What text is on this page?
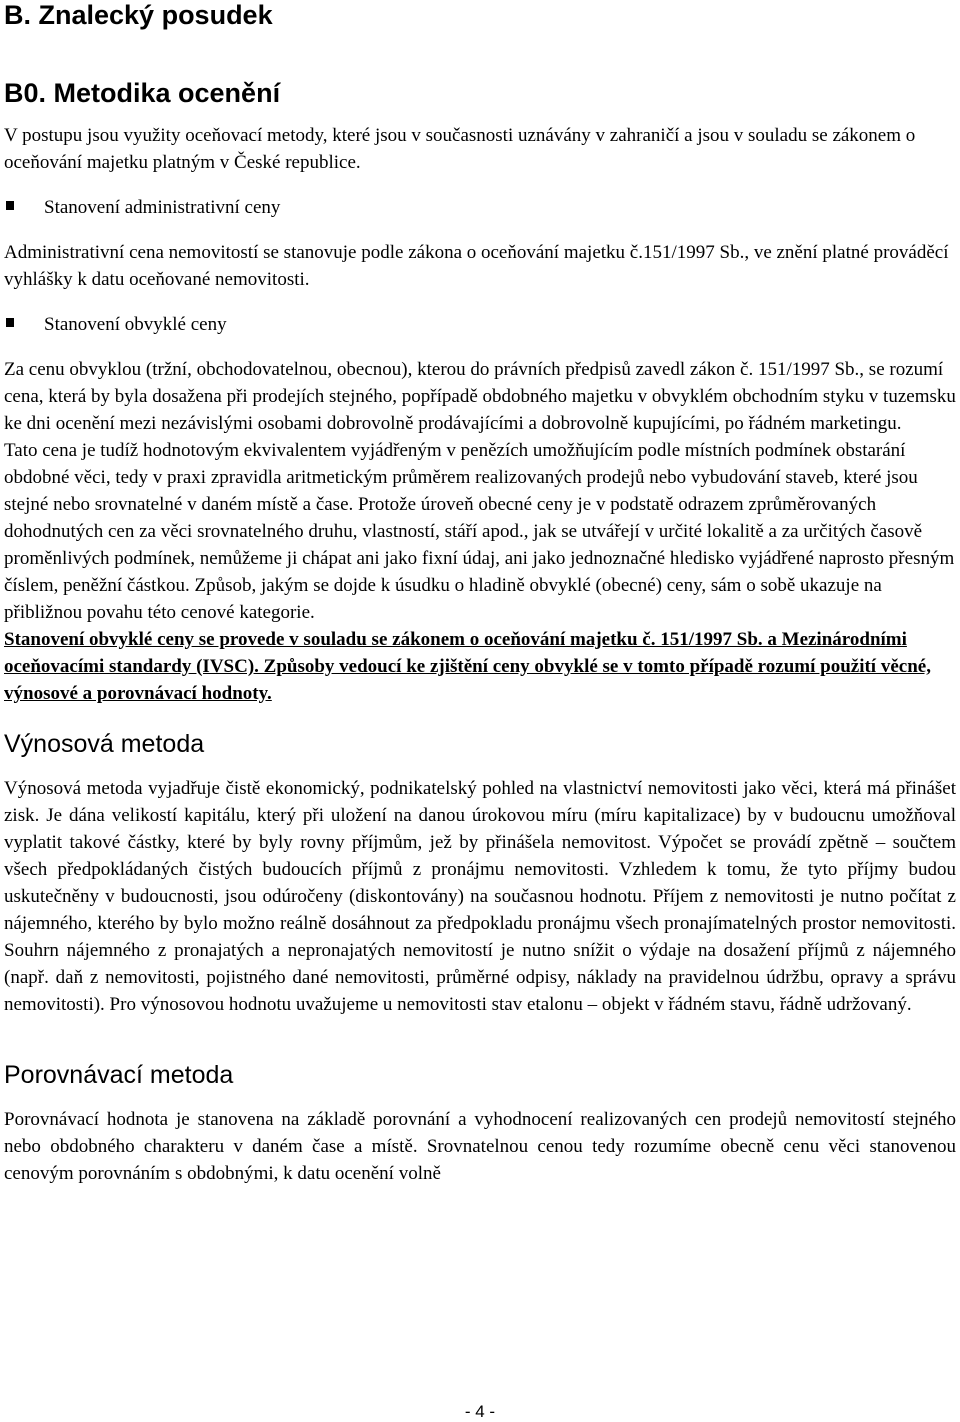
B. Znalecký posudek
B0. Metodika ocenění

V postupu jsou využity oceňovací metody, které jsou v současnosti uznávány v zahraničí a jsou v souladu se zákonem o oceňování majetku platným v České republice.

Stanovení administrativní ceny

Administrativní cena nemovitostí se stanovuje podle zákona o oceňování majetku č.151/1997 Sb., ve znění platné prováděcí vyhlášky k datu oceňované nemovitosti.

Stanovení obvyklé ceny

Za cenu obvyklou (tržní, obchodovatelnou, obecnou), kterou do právních předpisů zavedl zákon č. 151/1997 Sb., se rozumí cena, která by byla dosažena při prodejích stejného, popřípadě obdobného majetku v obvyklém obchodním styku v tuzemsku ke dni ocenění mezi nezávislými osobami dobrovolně prodávajícími a dobrovolně kupujícími, po řádném marketingu.

Tato cena je tudíž hodnotovým ekvivalentem vyjádřeným v penězích umožňujícím podle místních podmínek obstarání obdobné věci, tedy v praxi zpravidla aritmetickým průměrem realizovaných prodejů nebo vybudování staveb, které jsou stejné nebo srovnatelné v daném místě a čase. Protože úroveň obecné ceny je v podstatě odrazem zprůměrovaných dohodnutých cen za věci srovnatelného druhu, vlastností, stáří apod., jak se utvářejí v určité lokalitě a za určitých časově proměnlivých podmínek, nemůžeme ji chápat ani jako fixní údaj, ani jako jednoznačné hledisko vyjádřené naprosto přesným číslem, peněžní částkou. Způsob, jakým se dojde k úsudku o hladině obvyklé (obecné) ceny, sám o sobě ukazuje na přibližnou povahu této cenové kategorie.

Stanovení obvyklé ceny se provede v souladu se zákonem o oceňování majetku č. 151/1997 Sb. a Mezinárodními oceňovacími standardy (IVSC). Způsoby vedoucí ke zjištění ceny obvyklé se v tomto případě rozumí použití věcné, výnosové a porovnávací hodnoty.

Výnosová metoda

Výnosová metoda vyjadřuje čistě ekonomický, podnikatelský pohled na vlastnictví nemovitosti jako věci, která má přinášet zisk. Je dána velikostí kapitálu, který při uložení na danou úrokovou míru (míru kapitalizace) by v budoucnu umožňoval vyplatit takové částky, které by byly rovny příjmům, jež by přinášela nemovitost. Výpočet se provádí zpětně – součtem všech předpokládaných čistých budoucích příjmů z pronájmu nemovitosti. Vzhledem k tomu, že tyto příjmy budou uskutečněny v budoucnosti, jsou odúročeny (diskontovány) na současnou hodnotu. Příjem z nemovitosti je nutno počítat z nájemného, kterého by bylo možno reálně dosáhnout za předpokladu pronájmu všech pronajímatelných prostor nemovitosti. Souhrn nájemného z pronajatých a nepronajatých nemovitostí je nutno snížit o výdaje na dosažení příjmů z nájemného (např. daň z nemovitosti, pojistného dané nemovitosti, průměrné odpisy, náklady na pravidelnou údržbu, opravy a správu nemovitosti). Pro výnosovou hodnotu uvažujeme u nemovitosti stav etalonu – objekt v řádném stavu, řádně udržovaný.

Porovnávací metoda

Porovnávací hodnota je stanovena na základě porovnání a vyhodnocení realizovaných cen prodejů nemovitostí stejného nebo obdobného charakteru v daném čase a místě. Srovnatelnou cenou tedy rozumíme obecně cenu věci stanovenou cenovým porovnáním s obdobnými, k datu ocenění volně

- 4 -
